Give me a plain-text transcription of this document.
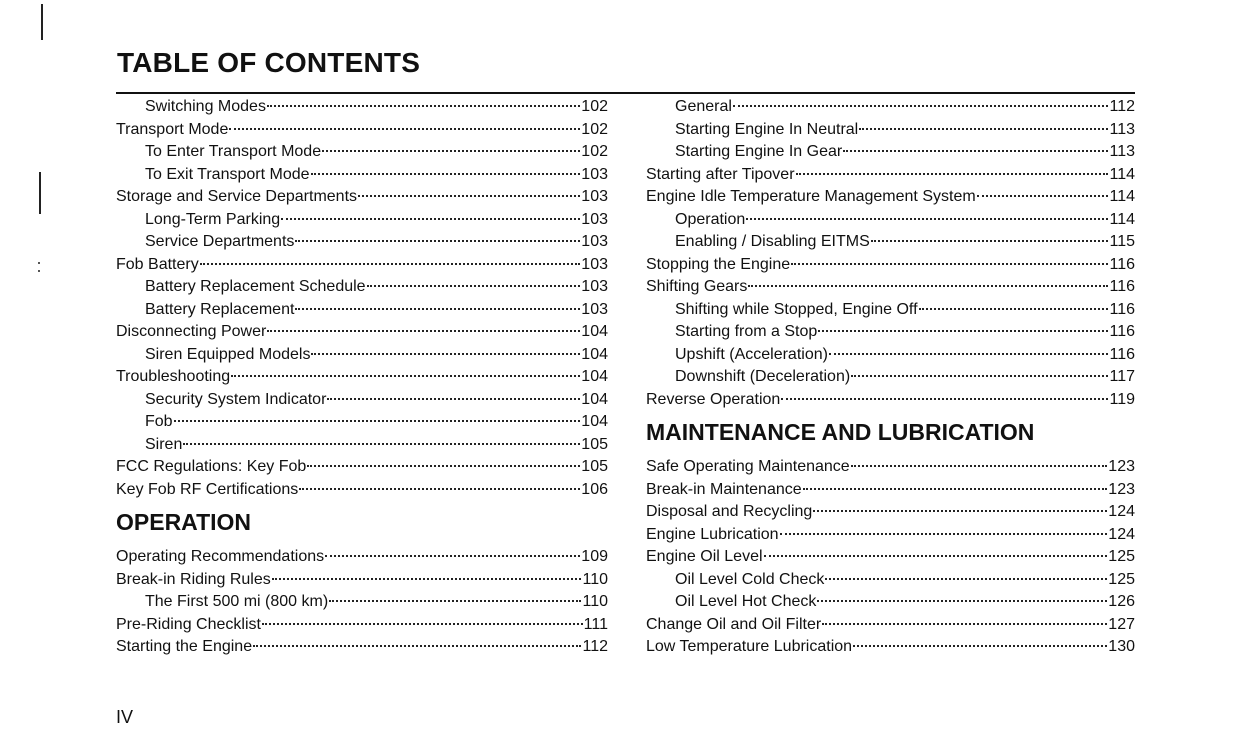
TABLE OF CONTENTS
Switching Modes	102
Transport Mode	102
To Enter Transport Mode	102
To Exit Transport Mode	103
Storage and Service Departments	103
Long-Term Parking	103
Service Departments	103
Fob Battery	103
Battery Replacement Schedule	103
Battery Replacement	103
Disconnecting Power	104
Siren Equipped Models	104
Troubleshooting	104
Security System Indicator	104
Fob	104
Siren	105
FCC Regulations: Key Fob	105
Key Fob RF Certifications	106
OPERATION
Operating Recommendations	109
Break-in Riding Rules	110
The First 500 mi (800 km)	110
Pre-Riding Checklist	111
Starting the Engine	112
General	112
Starting Engine In Neutral	113
Starting Engine In Gear	113
Starting after Tipover	114
Engine Idle Temperature Management System	114
Operation	114
Enabling / Disabling EITMS	115
Stopping the Engine	116
Shifting Gears	116
Shifting while Stopped, Engine Off	116
Starting from a Stop	116
Upshift (Acceleration)	116
Downshift (Deceleration)	117
Reverse Operation	119
MAINTENANCE AND LUBRICATION
Safe Operating Maintenance	123
Break-in Maintenance	123
Disposal and Recycling	124
Engine Lubrication	124
Engine Oil Level	125
Oil Level Cold Check	125
Oil Level Hot Check	126
Change Oil and Oil Filter	127
Low Temperature Lubrication	130
IV
